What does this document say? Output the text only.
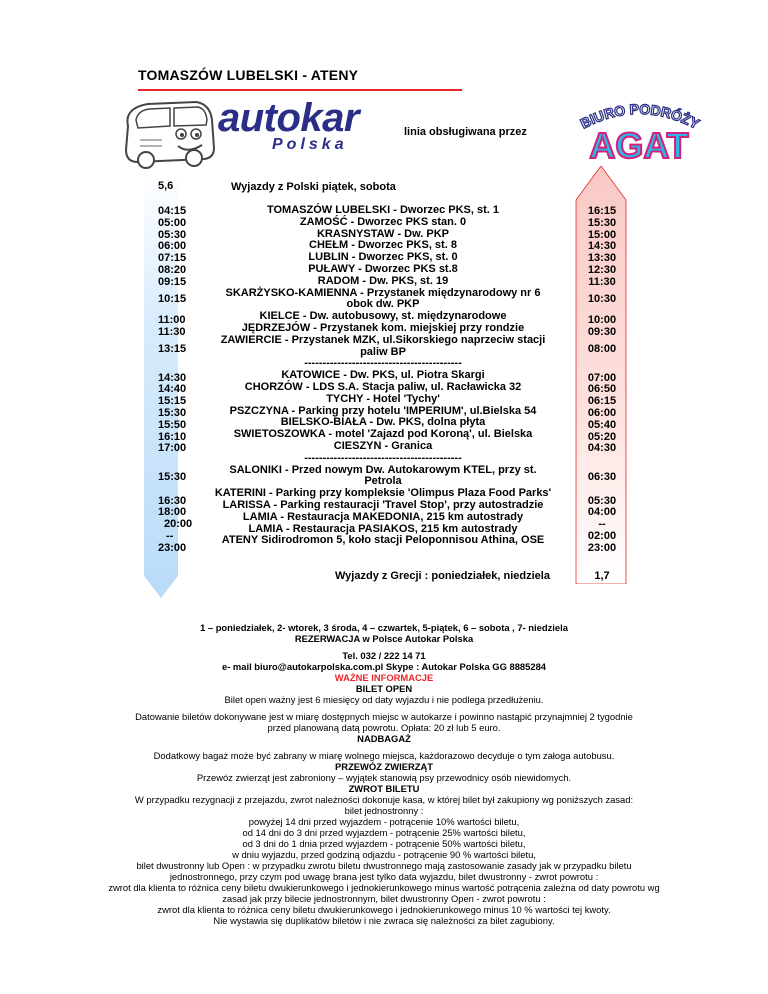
TOMASZÓW LUBELSKI - ATENY
autokar
Polska
linia obsługiwana przez
BIURO PODRÓŻY
AGAT
5,6	Wyjazdy z Polski piątek, sobota
04:15
05:00
05:30
06:00
07:15
08:20
09:15
10:15
11:00
11:30
13:15
14:30
14:40
15:15
15:30
15:50
16:10
17:00
15:30
16:30
18:00
20:00
--
23:00
TOMASZÓW LUBELSKI - Dworzec PKS, st. 1
ZAMOŚĆ - Dworzec PKS stan. 0
KRASNYSTAW - Dw. PKP
CHEŁM - Dworzec PKS, st. 8
LUBLIN - Dworzec PKS, st. 0
PUŁAWY - Dworzec PKS st.8
RADOM - Dw. PKS, st. 19
SKARŻYSKO-KAMIENNA - Przystanek międzynarodowy nr 6
obok dw. PKP
KIELCE - Dw. autobusowy, st. międzynarodowe
JĘDRZEJÓW - Przystanek kom. miejskiej przy rondzie
ZAWIERCIE - Przystanek MZK, ul.Sikorskiego naprzeciw stacji
paliw BP
-------------------------------------------
KATOWICE - Dw. PKS, ul. Piotra Skargi
CHORZÓW - LDS S.A. Stacja paliw, ul. Racławicka 32
TYCHY - Hotel 'Tychy'
PSZCZYNA - Parking przy hotelu 'IMPERIUM', ul.Bielska 54
BIELSKO-BIAŁA - Dw. PKS, dolna płyta
SWIETOSZOWKA - motel 'Zajazd pod Koroną', ul. Bielska
CIESZYN - Granica
-------------------------------------------
SALONIKI - Przed nowym Dw. Autokarowym KTEL, przy st.
Petrola
KATERINI - Parking przy kompleksie 'Olimpus Plaza Food Parks'
LARISSA - Parking restauracji 'Travel Stop', przy autostradzie
LAMIA - Restauracja MAKEDONIA, 215 km autostrady
LAMIA - Restauracja PASIAKOS, 215 km autostrady
ATENY Sidirodromon 5, koło stacji Peloponnisou Athina, OSE
16:15
15:30
15:00
14:30
13:30
12:30
11:30
10:30
10:00
09:30
08:00
07:00
06:50
06:15
06:00
05:40
05:20
04:30
06:30
05:30
04:00
--
02:00
23:00
Wyjazdy z Grecji : poniedziałek, niedziela	1,7
1 – poniedziałek, 2- wtorek, 3 środa, 4 – czwartek, 5-piątek, 6 – sobota , 7- niedziela
REZERWACJA w Polsce Autokar Polska
Tel. 032 / 222 14 71
e- mail biuro@autokarpolska.com.pl Skype : Autokar Polska GG 8885284
WAŻNE INFORMACJE
BILET OPEN
Bilet open ważny jest 6 miesięcy od daty wyjazdu i nie podlega przedłużeniu.
Datowanie biletów dokonywane jest w miarę dostępnych miejsc w autokarze i powinno nastąpić przynajmniej 2 tygodnie
przed planowaną datą powrotu. Opłata: 20 zł lub 5 euro.
NADBAGAŻ
Dodatkowy bagaż może być zabrany w miarę wolnego miejsca, każdorazowo decyduje o tym załoga autobusu.
PRZEWÓZ ZWIERZĄT
Przewóz zwierząt jest zabroniony – wyjątek stanowią psy przewodnicy osób niewidomych.
ZWROT BILETU
W przypadku rezygnacji z przejazdu, zwrot należności dokonuje kasa, w której bilet był zakupiony wg poniższych zasad:
bilet jednostronny :
powyżej 14 dni przed wyjazdem - potrącenie 10% wartości biletu,
od 14 dni do 3 dni przed wyjazdem - potrącenie 25% wartości biletu,
od 3 dni do 1 dnia przed wyjazdem - potrącenie 50% wartości biletu,
w dniu wyjazdu, przed godziną odjazdu - potrącenie 90 % wartości biletu,
bilet dwustronny lub Open : w przypadku zwrotu biletu dwustronnego mają zastosowanie zasady jak w przypadku biletu
jednostronnego, przy czym pod uwagę brana jest tylko data wyjazdu, bilet dwustronny - zwrot powrotu :
zwrot dla klienta to różnica ceny biletu dwukierunkowego i jednokierunkowego minus wartość potrącenia zależna od daty powrotu wg
zasad jak przy bilecie jednostronnym, bilet dwustronny Open - zwrot powrotu :
zwrot dla klienta to różnica ceny biletu dwukierunkowego i jednokierunkowego minus 10 % wartości tej kwoty.
Nie wystawia się duplikatów biletów i nie zwraca się należności za bilet zagubiony.
